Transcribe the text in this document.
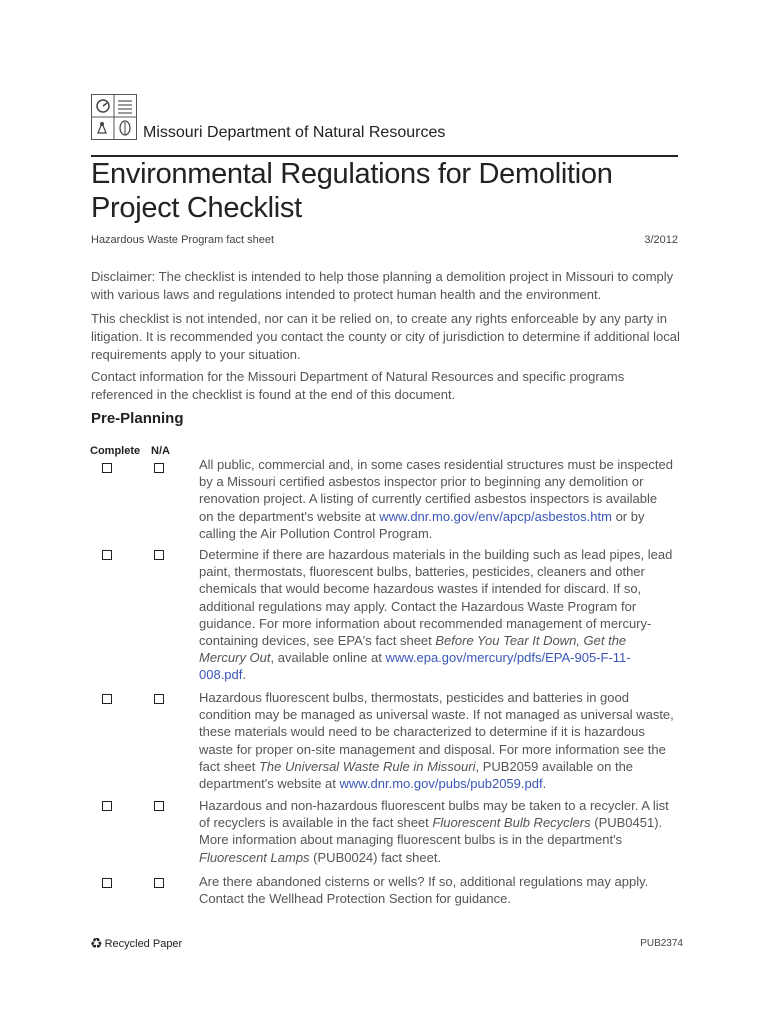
Missouri Department of Natural Resources
Environmental Regulations for Demolition
Project Checklist
Hazardous Waste Program fact sheet	3/2012
Disclaimer: The checklist is intended to help those planning a demolition project in Missouri to comply with various laws and regulations intended to protect human health and the environment.
This checklist is not intended, nor can it be relied on, to create any rights enforceable by any party in litigation. It is recommended you contact the county or city of jurisdiction to determine if additional local requirements apply to your situation.
Contact information for the Missouri Department of Natural Resources and specific programs referenced in the checklist is found at the end of this document.
Pre-Planning
Complete N/A
All public, commercial and, in some cases residential structures must be inspected by a Missouri certified asbestos inspector prior to beginning any demolition or renovation project. A listing of currently certified asbestos inspectors is available on the department's website at www.dnr.mo.gov/env/apcp/asbestos.htm or by calling the Air Pollution Control Program.
Determine if there are hazardous materials in the building such as lead pipes, lead paint, thermostats, fluorescent bulbs, batteries, pesticides, cleaners and other chemicals that would become hazardous wastes if intended for discard. If so, additional regulations may apply. Contact the Hazardous Waste Program for guidance. For more information about recommended management of mercury-containing devices, see EPA's fact sheet Before You Tear It Down, Get the Mercury Out, available online at www.epa.gov/mercury/pdfs/EPA-905-F-11-008.pdf.
Hazardous fluorescent bulbs, thermostats, pesticides and batteries in good condition may be managed as universal waste. If not managed as universal waste, these materials would need to be characterized to determine if it is hazardous waste for proper on-site management and disposal. For more information see the fact sheet The Universal Waste Rule in Missouri, PUB2059 available on the department's website at www.dnr.mo.gov/pubs/pub2059.pdf.
Hazardous and non-hazardous fluorescent bulbs may be taken to a recycler. A list of recyclers is available in the fact sheet Fluorescent Bulb Recyclers (PUB0451). More information about managing fluorescent bulbs is in the department's Fluorescent Lamps (PUB0024) fact sheet.
Are there abandoned cisterns or wells? If so, additional regulations may apply. Contact the Wellhead Protection Section for guidance.
♻ Recycled Paper	PUB2374
